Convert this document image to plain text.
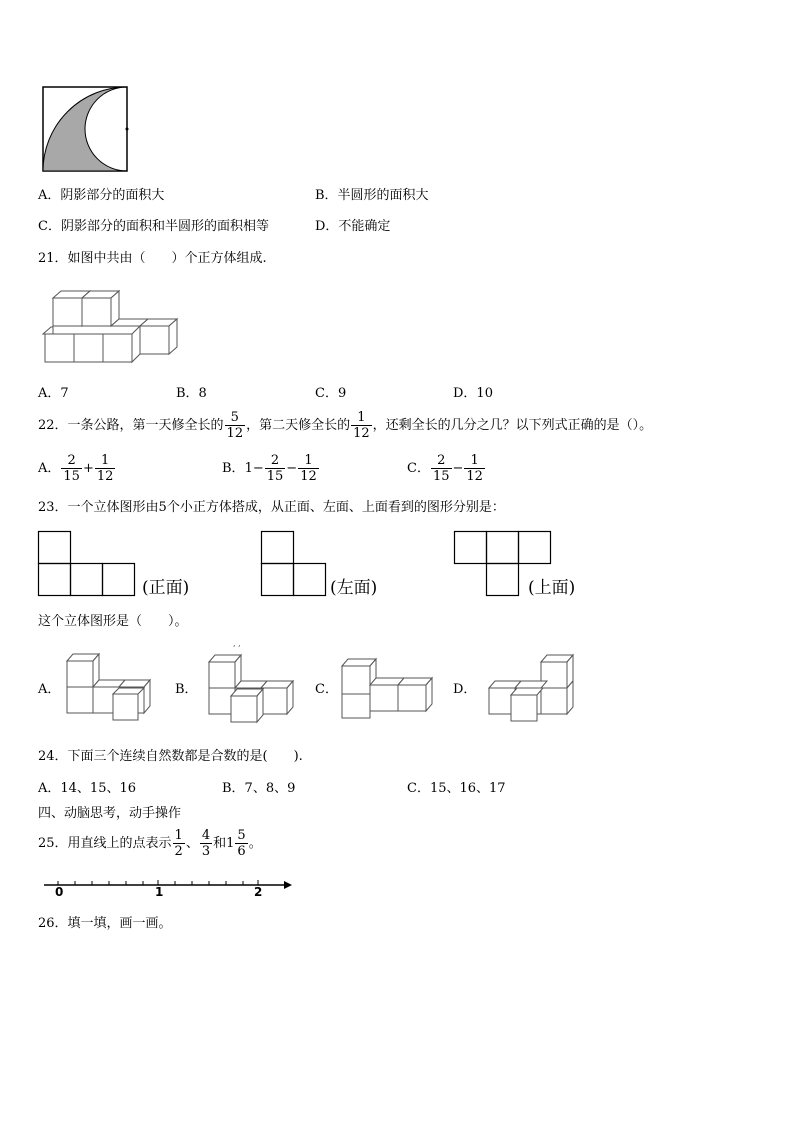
A．阴影部分的面积大	B．半圆形的面积大
C．阴影部分的面积和半圆形的面积相等	D．不能确定
21．如图中共由（　　）个正方体组成.
A．7	B．8	C．9	D．10
22．一条公路，第一天修全长的 $\frac{5}{12}$ ，第二天修全长的 $\frac{1}{12}$ ，还剩全长的几分之几？以下列式正确的是（）。
A． $\frac{2}{15} + \frac{1}{12}$	B．$1- \frac{2}{15} - \frac{1}{12}$	C． $\frac{2}{15} - \frac{1}{12}$
23．一个立体图形由5个小正方体搭成，从正面、左面、上面看到的图形分别是：
(正面)	(左面)	(上面)
这个立体图形是（　　）。
A．	B．
, ,
C．	D．
24．下面三个连续自然数都是合数的是(　　).
A．14、15、16	B．7、8、9	C．15、16、17
四、动脑思考，动手操作
25．用直线上的点表示 $\frac{1}{2}$ 、 $\frac{4}{3}$ 和$1 \frac{5}{6}$ 。
0	1	2
26．填一填，画一画。
